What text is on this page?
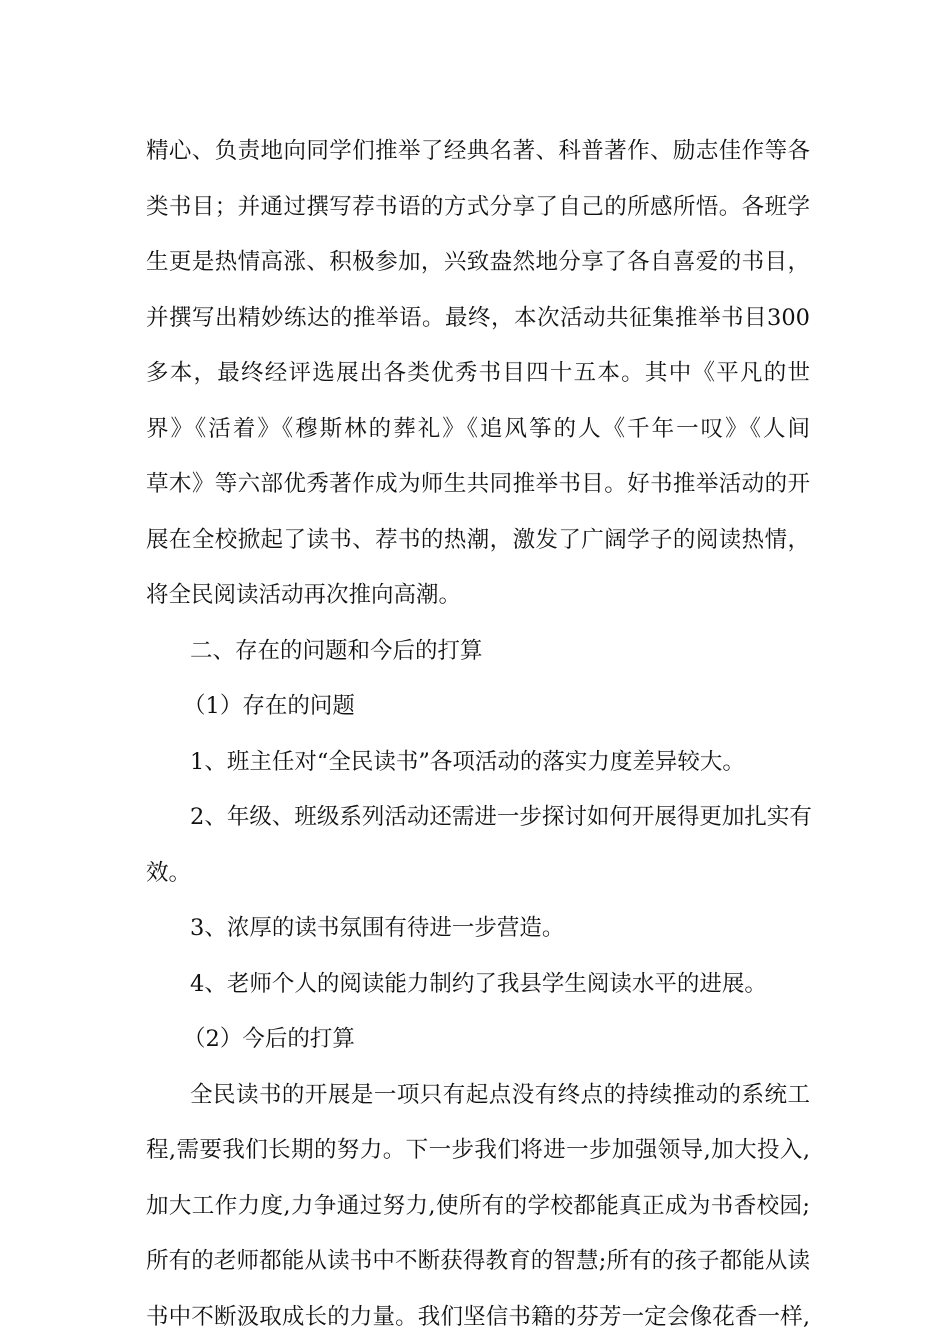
精心、负责地向同学们推举了经典名著、科普著作、励志佳作等各
类书目；并通过撰写荐书语的方式分享了自己的所感所悟。各班学
生更是热情高涨、积极参加，兴致盎然地分享了各自喜爱的书目，
并撰写出精妙练达的推举语。最终，本次活动共征集推举书目300
多本，最终经评选展出各类优秀书目四十五本。其中《平凡的世
界》《活着》《穆斯林的葬礼》《追风筝的人《千年一叹》《人间
草木》等六部优秀著作成为师生共同推举书目。好书推举活动的开
展在全校掀起了读书、荐书的热潮，激发了广阔学子的阅读热情，
将全民阅读活动再次推向高潮。
二、存在的问题和今后的打算
（1）存在的问题
1、班主任对“全民读书”各项活动的落实力度差异较大。
2、年级、班级系列活动还需进一步探讨如何开展得更加扎实有
效。
3、浓厚的读书氛围有待进一步营造。
4、老师个人的阅读能力制约了我县学生阅读水平的进展。
（2）今后的打算
全民读书的开展是一项只有起点没有终点的持续推动的系统工
程,需要我们长期的努力。下一步我们将进一步加强领导,加大投入,
加大工作力度,力争通过努力,使所有的学校都能真正成为书香校园;
所有的老师都能从读书中不断获得教育的智慧;所有的孩子都能从读
书中不断汲取成长的力量。我们坚信书籍的芬芳一定会像花香一样,
